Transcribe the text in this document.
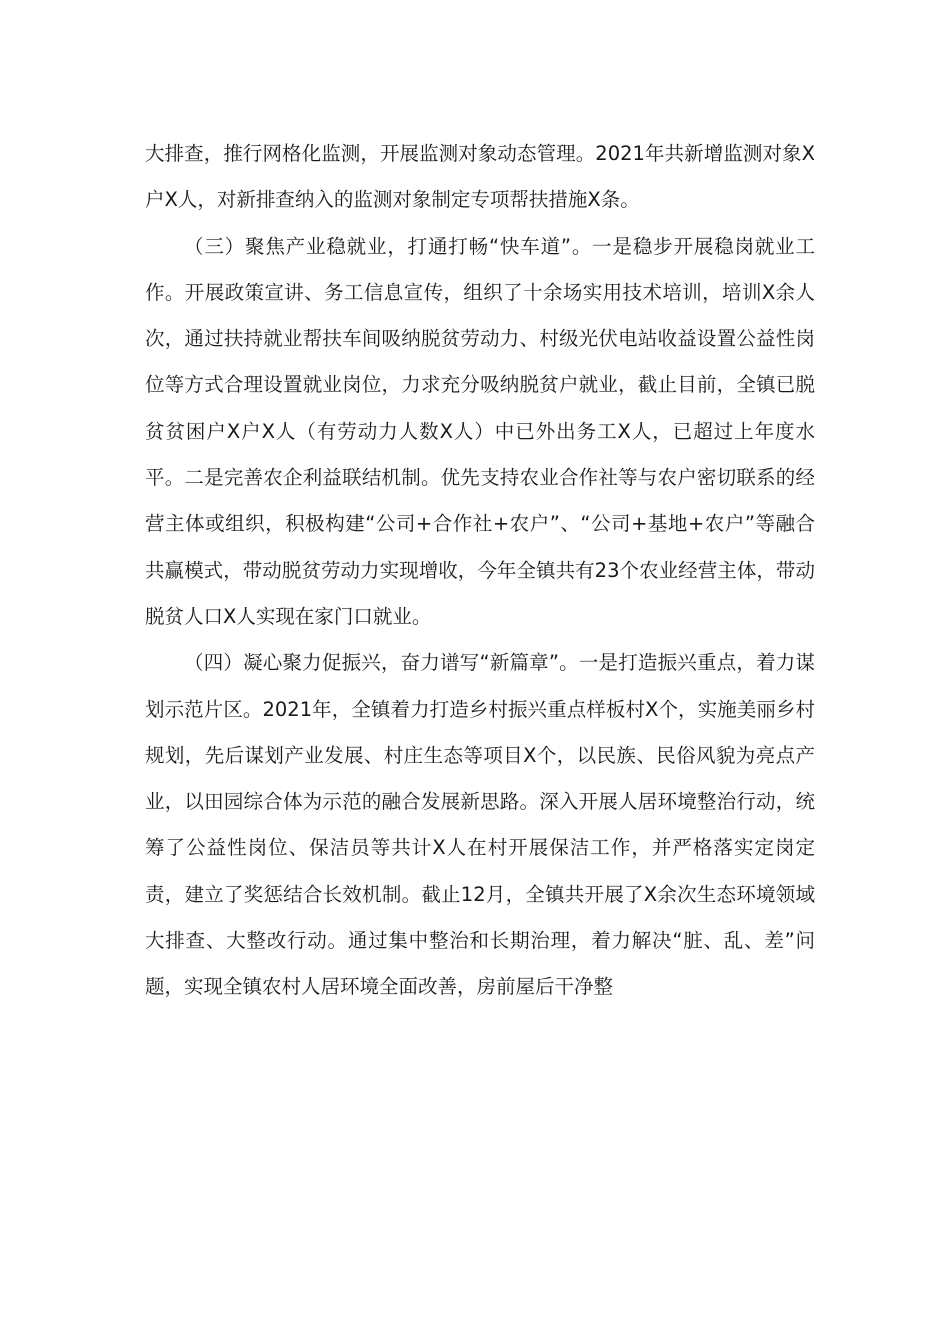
大排查，推行网格化监测，开展监测对象动态管理。2021年共新增监测对象X户X人，对新排查纳入的监测对象制定专项帮扶措施X条。

（三）聚焦产业稳就业，打通打畅“快车道”。一是稳步开展稳岗就业工作。开展政策宣讲、务工信息宣传，组织了十余场实用技术培训，培训X余人次，通过扶持就业帮扶车间吸纳脱贫劳动力、村级光伏电站收益设置公益性岗位等方式合理设置就业岗位，力求充分吸纳脱贫户就业，截止目前，全镇已脱贫贫困户X户X人（有劳动力人数X人）中已外出务工X人，已超过上年度水平。二是完善农企利益联结机制。优先支持农业合作社等与农户密切联系的经营主体或组织，积极构建“公司+合作社+农户”、“公司+基地+农户”等融合共赢模式，带动脱贫劳动力实现增收，今年全镇共有23个农业经营主体，带动脱贫人口X人实现在家门口就业。

（四）凝心聚力促振兴，奋力谱写“新篇章”。一是打造振兴重点，着力谋划示范片区。2021年，全镇着力打造乡村振兴重点样板村X个，实施美丽乡村规划，先后谋划产业发展、村庄生态等项目X个，以民族、民俗风貌为亮点产业，以田园综合体为示范的融合发展新思路。深入开展人居环境整治行动，统筹了公益性岗位、保洁员等共计X人在村开展保洁工作，并严格落实定岗定责，建立了奖惩结合长效机制。截止12月，全镇共开展了X余次生态环境领域大排查、大整改行动。通过集中整治和长期治理，着力解决“脏、乱、差”问题，实现全镇农村人居环境全面改善，房前屋后干净整
